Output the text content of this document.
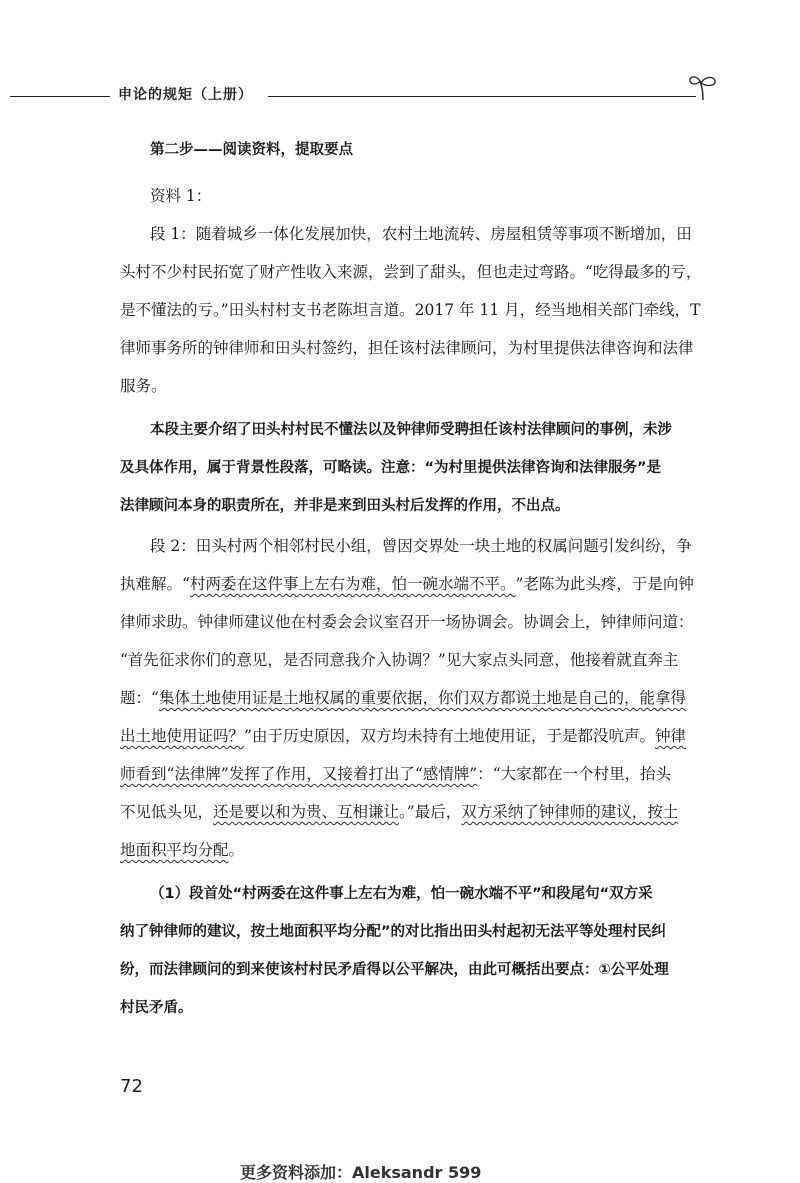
申论的规矩（上册）
第二步——阅读资料，提取要点
资料 1：
段 1：随着城乡一体化发展加快，农村土地流转、房屋租赁等事项不断增加，田
头村不少村民拓宽了财产性收入来源，尝到了甜头，但也走过弯路。“吃得最多的亏，
是不懂法的亏。”田头村村支书老陈坦言道。2017 年 11 月，经当地相关部门牵线，T
律师事务所的钟律师和田头村签约，担任该村法律顾问，为村里提供法律咨询和法律
服务。
本段主要介绍了田头村村民不懂法以及钟律师受聘担任该村法律顾问的事例，未涉
及具体作用，属于背景性段落，可略读。注意：“为村里提供法律咨询和法律服务”是
法律顾问本身的职责所在，并非是来到田头村后发挥的作用，不出点。
段 2：田头村两个相邻村民小组，曾因交界处一块土地的权属问题引发纠纷，争
执难解。“ 村两委在这件事上左右为难，怕一碗水端不平。 ”老陈为此头疼，于是向钟
律师求助。钟律师建议他在村委会会议室召开一场协调会。协调会上，钟律师问道：
“首先征求你们的意见，是否同意我介入协调？”见大家点头同意，他接着就直奔主
题：“ 集体土地使用证是土地权属的重要依据，你们双方都说土地是自己的，能拿得
出土地使用证吗？ ”由于历史原因，双方均未持有土地使用证，于是都没吭声。 钟律
师看到“法律牌”发挥了作用，又接着打出了“感情牌” ：“大家都在一个村里，抬头
不见低头见， 还是要以和为贵、互相谦让 。”最后， 双方采纳了钟律师的建议，按土
地面积平均分配 。
（1）段首处“村两委在这件事上左右为难，怕一碗水端不平”和段尾句“双方采
纳了钟律师的建议，按土地面积平均分配”的对比指出田头村起初无法平等处理村民纠
纷，而法律顾问的到来使该村村民矛盾得以公平解决，由此可概括出要点：①公平处理
村民矛盾。
72
更多资料添加：Aleksandr 599
